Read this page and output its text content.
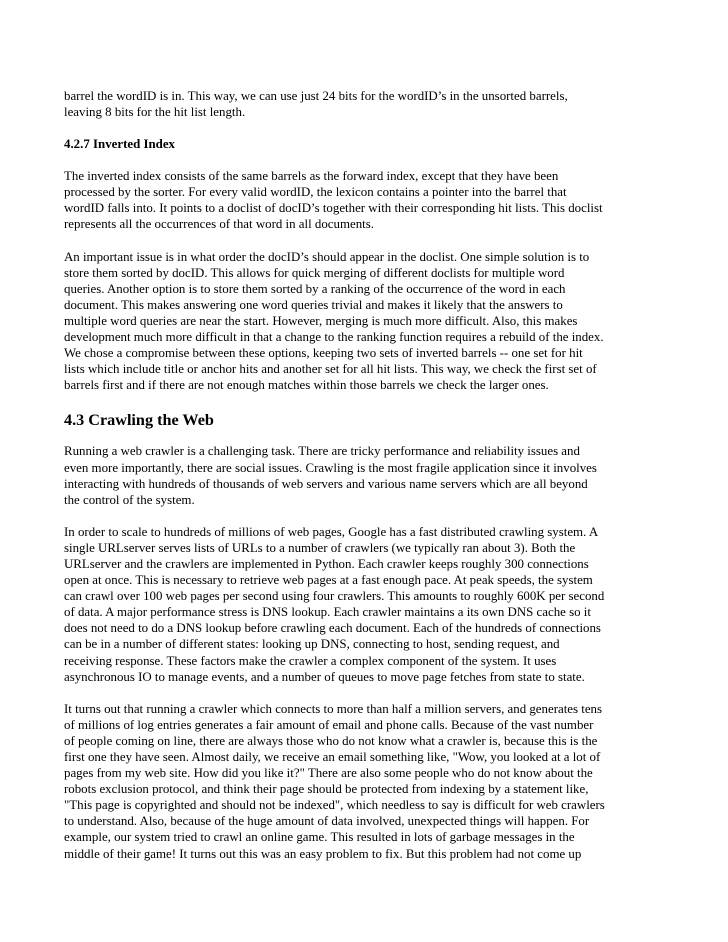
barrel the wordID is in. This way, we can use just 24 bits for the wordID’s in the unsorted barrels,
leaving 8 bits for the hit list length.

4.2.7 Inverted Index

The inverted index consists of the same barrels as the forward index, except that they have been
processed by the sorter. For every valid wordID, the lexicon contains a pointer into the barrel that
wordID falls into. It points to a doclist of docID’s together with their corresponding hit lists. This doclist
represents all the occurrences of that word in all documents.

An important issue is in what order the docID’s should appear in the doclist. One simple solution is to
store them sorted by docID. This allows for quick merging of different doclists for multiple word
queries. Another option is to store them sorted by a ranking of the occurrence of the word in each
document. This makes answering one word queries trivial and makes it likely that the answers to
multiple word queries are near the start. However, merging is much more difficult. Also, this makes
development much more difficult in that a change to the ranking function requires a rebuild of the index.
We chose a compromise between these options, keeping two sets of inverted barrels -- one set for hit
lists which include title or anchor hits and another set for all hit lists. This way, we check the first set of
barrels first and if there are not enough matches within those barrels we check the larger ones.

4.3 Crawling the Web

Running a web crawler is a challenging task. There are tricky performance and reliability issues and
even more importantly, there are social issues. Crawling is the most fragile application since it involves
interacting with hundreds of thousands of web servers and various name servers which are all beyond
the control of the system.

In order to scale to hundreds of millions of web pages, Google has a fast distributed crawling system. A
single URLserver serves lists of URLs to a number of crawlers (we typically ran about 3). Both the
URLserver and the crawlers are implemented in Python. Each crawler keeps roughly 300 connections
open at once. This is necessary to retrieve web pages at a fast enough pace. At peak speeds, the system
can crawl over 100 web pages per second using four crawlers. This amounts to roughly 600K per second
of data. A major performance stress is DNS lookup. Each crawler maintains a its own DNS cache so it
does not need to do a DNS lookup before crawling each document. Each of the hundreds of connections
can be in a number of different states: looking up DNS, connecting to host, sending request, and
receiving response. These factors make the crawler a complex component of the system. It uses
asynchronous IO to manage events, and a number of queues to move page fetches from state to state.

It turns out that running a crawler which connects to more than half a million servers, and generates tens
of millions of log entries generates a fair amount of email and phone calls. Because of the vast number
of people coming on line, there are always those who do not know what a crawler is, because this is the
first one they have seen. Almost daily, we receive an email something like, "Wow, you looked at a lot of
pages from my web site. How did you like it?" There are also some people who do not know about the
robots exclusion protocol, and think their page should be protected from indexing by a statement like,
"This page is copyrighted and should not be indexed", which needless to say is difficult for web crawlers
to understand. Also, because of the huge amount of data involved, unexpected things will happen. For
example, our system tried to crawl an online game. This resulted in lots of garbage messages in the
middle of their game! It turns out this was an easy problem to fix. But this problem had not come up
